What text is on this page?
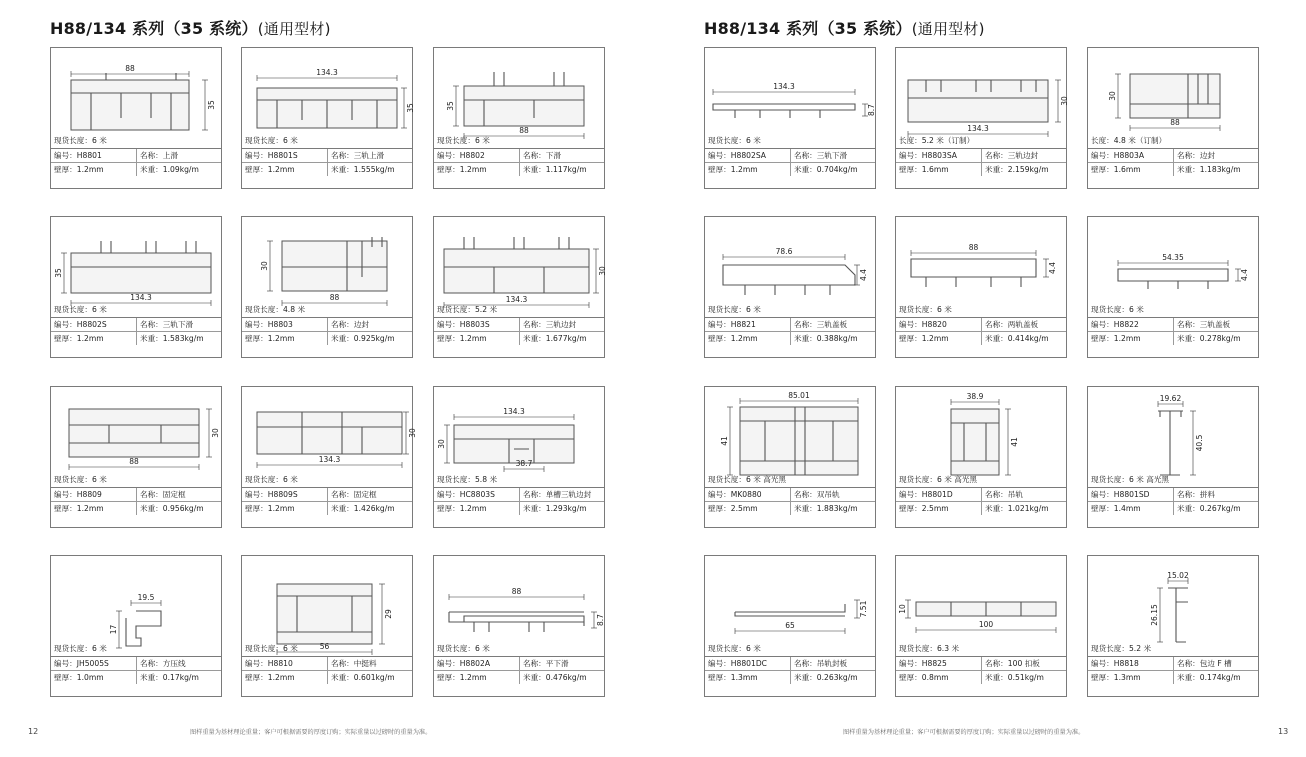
H88/134 系列（35 系统）(通用型材)	H88/134 系列（35 系统）(通用型材)
88
35
现货长度：6 米
编号：H8801	名称：上滑
壁厚：1.2mm	米重：1.09kg/m
134.3
35
现货长度：6 米
编号：H8801S	名称：三轨上滑
壁厚：1.2mm	米重：1.555kg/m
35
88
现货长度：6 米
编号：H8802	名称：下滑
壁厚：1.2mm	米重：1.117kg/m
35
134.3
现货长度：6 米
编号：H8802S	名称：三轨下滑
壁厚：1.2mm	米重：1.583kg/m
30
88
现货长度：4.8 米
编号：H8803	名称：边封
壁厚：1.2mm	米重：0.925kg/m
30
134.3
现货长度：5.2 米
编号：H8803S	名称：三轨边封
壁厚：1.2mm	米重：1.677kg/m
30
88
现货长度：6 米
编号：H8809	名称：固定框
壁厚：1.2mm	米重：0.956kg/m
30
134.3
现货长度：6 米
编号：H8809S	名称：固定框
壁厚：1.2mm	米重：1.426kg/m
134.3
30
38.7
现货长度：5.8 米
编号：HC8803S	名称：单槽三轨边封
壁厚：1.2mm	米重：1.293kg/m
19.5
17
现货长度：6 米
编号：JH5005S	名称：方压线
壁厚：1.0mm	米重：0.17kg/m
29
56
现货长度：6 米
编号：H8810	名称：中挺料
壁厚：1.2mm	米重：0.601kg/m
88
8.7
现货长度：6 米
编号：H8802A	名称：平下滑
壁厚：1.2mm	米重：0.476kg/m
134.3
8.7
现货长度：6 米
编号：H8802SA	名称：三轨下滑
壁厚：1.2mm	米重：0.704kg/m
134.3
30
长度：5.2 米（订制）
编号：H8803SA	名称：三轨边封
壁厚：1.6mm	米重：2.159kg/m
30
88
长度：4.8 米（订制）
编号：H8803A	名称：边封
壁厚：1.6mm	米重：1.183kg/m
78.6
4.4
现货长度：6 米
编号：H8821	名称：三轨盖板
壁厚：1.2mm	米重：0.388kg/m
88
4.4
现货长度：6 米
编号：H8820	名称：两轨盖板
壁厚：1.2mm	米重：0.414kg/m
54.35
4.4
现货长度：6 米
编号：H8822	名称：三轨盖板
壁厚：1.2mm	米重：0.278kg/m
85.01
41
现货长度：6 米 高光黑
编号：MK0880	名称：双吊轨
壁厚：2.5mm	米重：1.883kg/m
38.9
41
现货长度：6 米 高光黑
编号：H8801D	名称：吊轨
壁厚：2.5mm	米重：1.021kg/m
19.62
40.5
现货长度：6 米 高光黑
编号：H8801SD	名称：拼料
壁厚：1.4mm	米重：0.267kg/m
65
7.51
现货长度：6 米
编号：H8801DC	名称：吊轨封板
壁厚：1.3mm	米重：0.263kg/m
10
100
现货长度：6.3 米
编号：H8825	名称：100 扣板
壁厚：0.8mm	米重：0.51kg/m
15.02
26.15
现货长度：5.2 米
编号：H8818	名称：包边 F 槽
壁厚：1.3mm	米重：0.174kg/m
12	图样重量为基材理论重量；客户可根据需要的厚度订购；实际重量以过磅时的重量为准。	13
图样重量为基材理论重量；客户可根据需要的厚度订购；实际重量以过磅时的重量为准。
